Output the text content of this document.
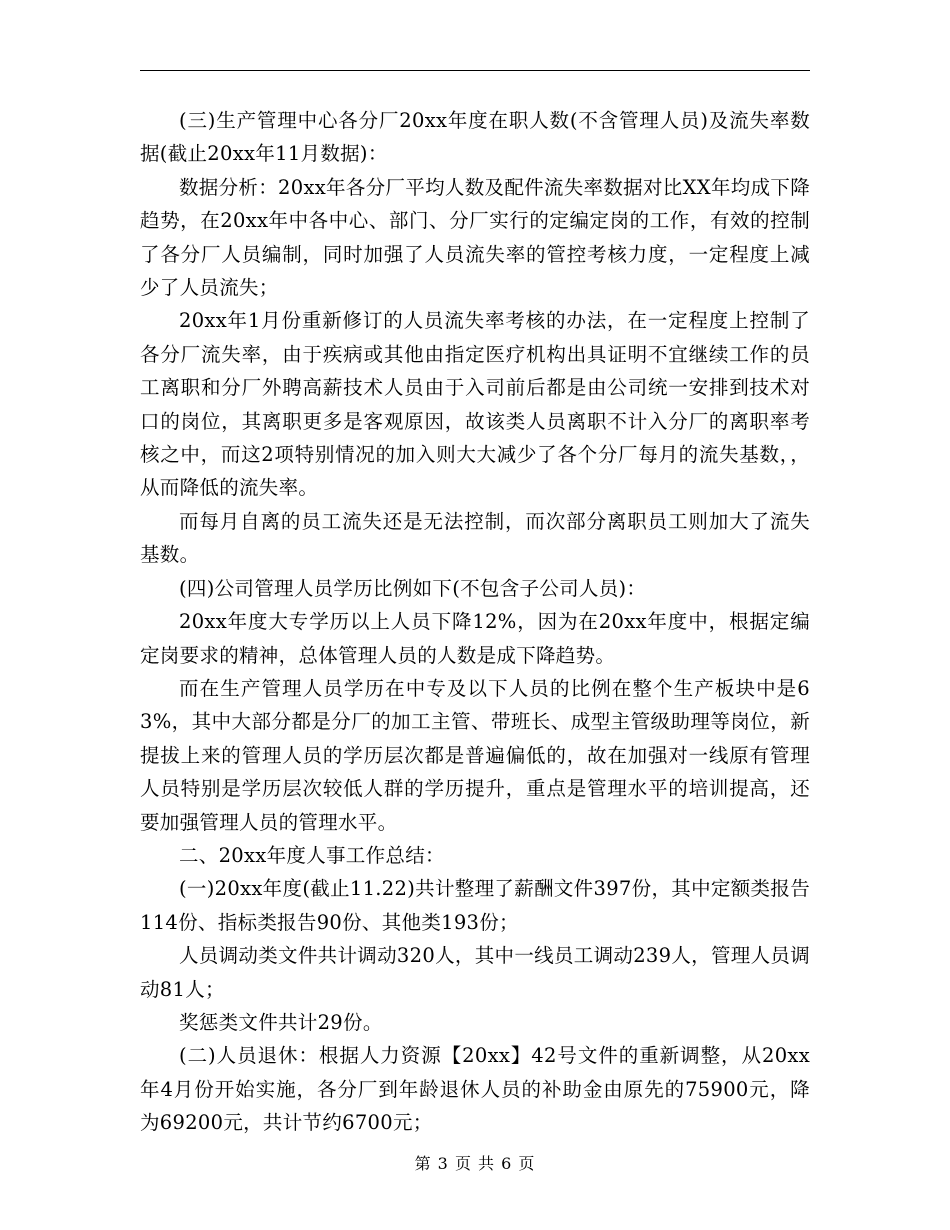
(三)生产管理中心各分厂20xx年度在职人数(不含管理人员)及流失率数据(截止20xx年11月数据)：

数据分析：20xx年各分厂平均人数及配件流失率数据对比XX年均成下降趋势，在20xx年中各中心、部门、分厂实行的定编定岗的工作，有效的控制了各分厂人员编制，同时加强了人员流失率的管控考核力度，一定程度上减少了人员流失；

20xx年1月份重新修订的人员流失率考核的办法，在一定程度上控制了各分厂流失率，由于疾病或其他由指定医疗机构出具证明不宜继续工作的员工离职和分厂外聘高薪技术人员由于入司前后都是由公司统一安排到技术对口的岗位，其离职更多是客观原因，故该类人员离职不计入分厂的离职率考核之中，而这2项特别情况的加入则大大减少了各个分厂每月的流失基数，，从而降低的流失率。

而每月自离的员工流失还是无法控制，而次部分离职员工则加大了流失基数。

(四)公司管理人员学历比例如下(不包含子公司人员)：

20xx年度大专学历以上人员下降12%，因为在20xx年度中，根据定编定岗要求的精神，总体管理人员的人数是成下降趋势。

而在生产管理人员学历在中专及以下人员的比例在整个生产板块中是63%，其中大部分都是分厂的加工主管、带班长、成型主管级助理等岗位，新提拔上来的管理人员的学历层次都是普遍偏低的，故在加强对一线原有管理人员特别是学历层次较低人群的学历提升，重点是管理水平的培训提高，还要加强管理人员的管理水平。

二、20xx年度人事工作总结：

(一)20xx年度(截止11.22)共计整理了薪酬文件397份，其中定额类报告114份、指标类报告90份、其他类193份；

人员调动类文件共计调动320人，其中一线员工调动239人，管理人员调动81人；

奖惩类文件共计29份。

(二)人员退休：根据人力资源【20xx】42号文件的重新调整，从20xx年4月份开始实施，各分厂到年龄退休人员的补助金由原先的75900元，降为69200元，共计节约6700元；

第 3 页 共 6 页
